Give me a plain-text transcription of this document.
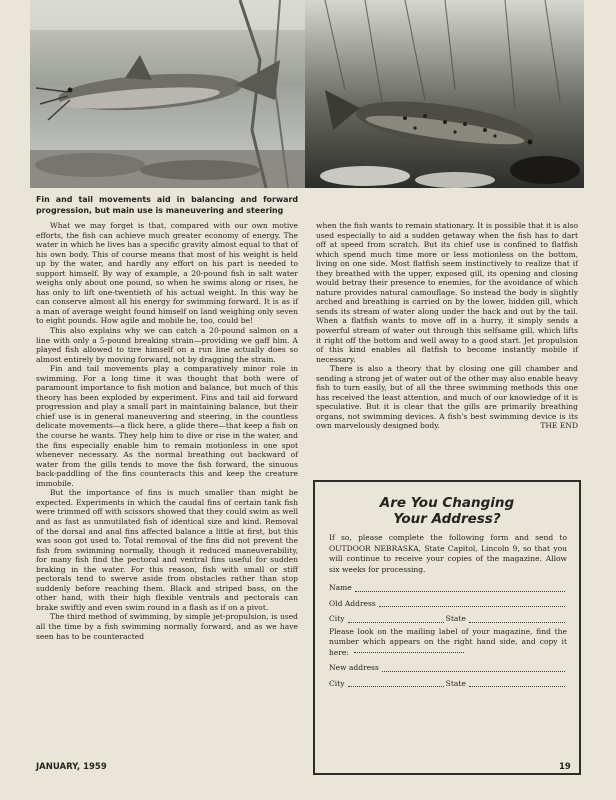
Fin and tail movements aid in balancing and forward progression, but main use is maneuvering and steering

What we may forget is that, compared with our own motive efforts, the fish can achieve much greater economy of energy. The water in which he lives has a specific gravity almost equal to that of his own body. This of course means that most of his weight is held up by the water, and hardly any effort on his part is needed to support himself. By way of example, a 20-pound fish in salt water weighs only about one pound, so when he swims along or rises, he has only to lift one-twentieth of his actual weight. In this way he can conserve almost all his energy for swimming forward. It is as if a man of average weight found himself on land weighing only seven to eight pounds. How agile and mobile he, too, could be!

This also explains why we can catch a 20-pound salmon on a line with only a 5-pound breaking strain—providing we gaff him. A played fish allowed to tire himself on a run line actually does so almost entirely by moving forward, not by dragging the strain.

Fin and tail movements play a comparatively minor role in swimming. For a long time it was thought that both were of paramount importance to fish motion and balance, but much of this theory has been exploded by experiment. Fins and tail aid forward progression and play a small part in maintaining balance, but their chief use is in general maneuvering and steering, in the countless delicate movements—a flick here, a glide there—that keep a fish on the course he wants. They help him to dive or rise in the water, and the fins especially enable him to remain motionless in one spot whenever necessary. As the normal breathing out backward of water from the gills tends to move the fish forward, the sinuous back-paddling of the fins counteracts this and keep the creature immobile.

But the importance of fins is much smaller than might be expected. Experiments in which the caudal fins of certain tank fish were trimmed off with scissors showed that they could swim as well and as fast as unmutilated fish of identical size and kind. Removal of the dorsal and anal fins affected balance a little at first, but this was soon got used to. Total removal of the fins did not prevent the fish from swimming normally, though it reduced maneuverability, for many fish find the pectoral and ventral fins useful for sudden braking in the water. For this reason, fish with small or stiff pectorals tend to swerve aside from obstacles rather than stop suddenly before reaching them. Black and striped bass, on the other hand, with their high flexible ventrals and pectorals can brake swiftly and even swim round in a flash as if on a pivot.

The third method of swimming, by simple jet-propulsion, is used all the time by a fish swimming normally forward, and as we have seen has to be counteracted

when the fish wants to remain stationary. It is possible that it is also used especially to aid a sudden getaway when the fish has to dart off at speed from scratch. But its chief use is confined to flatfish which spend much time more or less motionless on the bottom, living on one side. Most flatfish seem instinctively to realize that if they breathed with the upper, exposed gill, its opening and closing would betray their presence to enemies, for the avoidance of which nature provides natural camouflage. So instead the body is slightly arched and breathing is carried on by the lower, hidden gill, which sends its stream of water along under the back and out by the tail. When a flatfish wants to move off in a hurry, it simply sends a powerful stream of water out through this selfsame gill, which lifts it right off the bottom and well away to a good start. Jet propulsion of this kind enables all flatfish to become instantly mobile if necessary.

There is also a theory that by closing one gill chamber and sending a strong jet of water out of the other may also enable heavy fish to turn easily, but of all the three swimming methods this one has received the least attention, and much of our knowledge of it is speculative. But it is clear that the gills are primarily breathing organs, not swimming devices. A fish's best swimming device is its own marvelously designed body.	THE END

Are You Changing
Your Address?

If so, please complete the following form and send to OUTDOOR NEBRASKA, State Capitol, Lincoln 9, so that you will continue to receive your copies of the magazine. Allow six weeks for processing.

Name
Old Address
City	State
Please look on the mailing label of your magazine, find the number which appears on the right hand side, and copy it here:
New address
City	State
JANUARY, 1959	19
